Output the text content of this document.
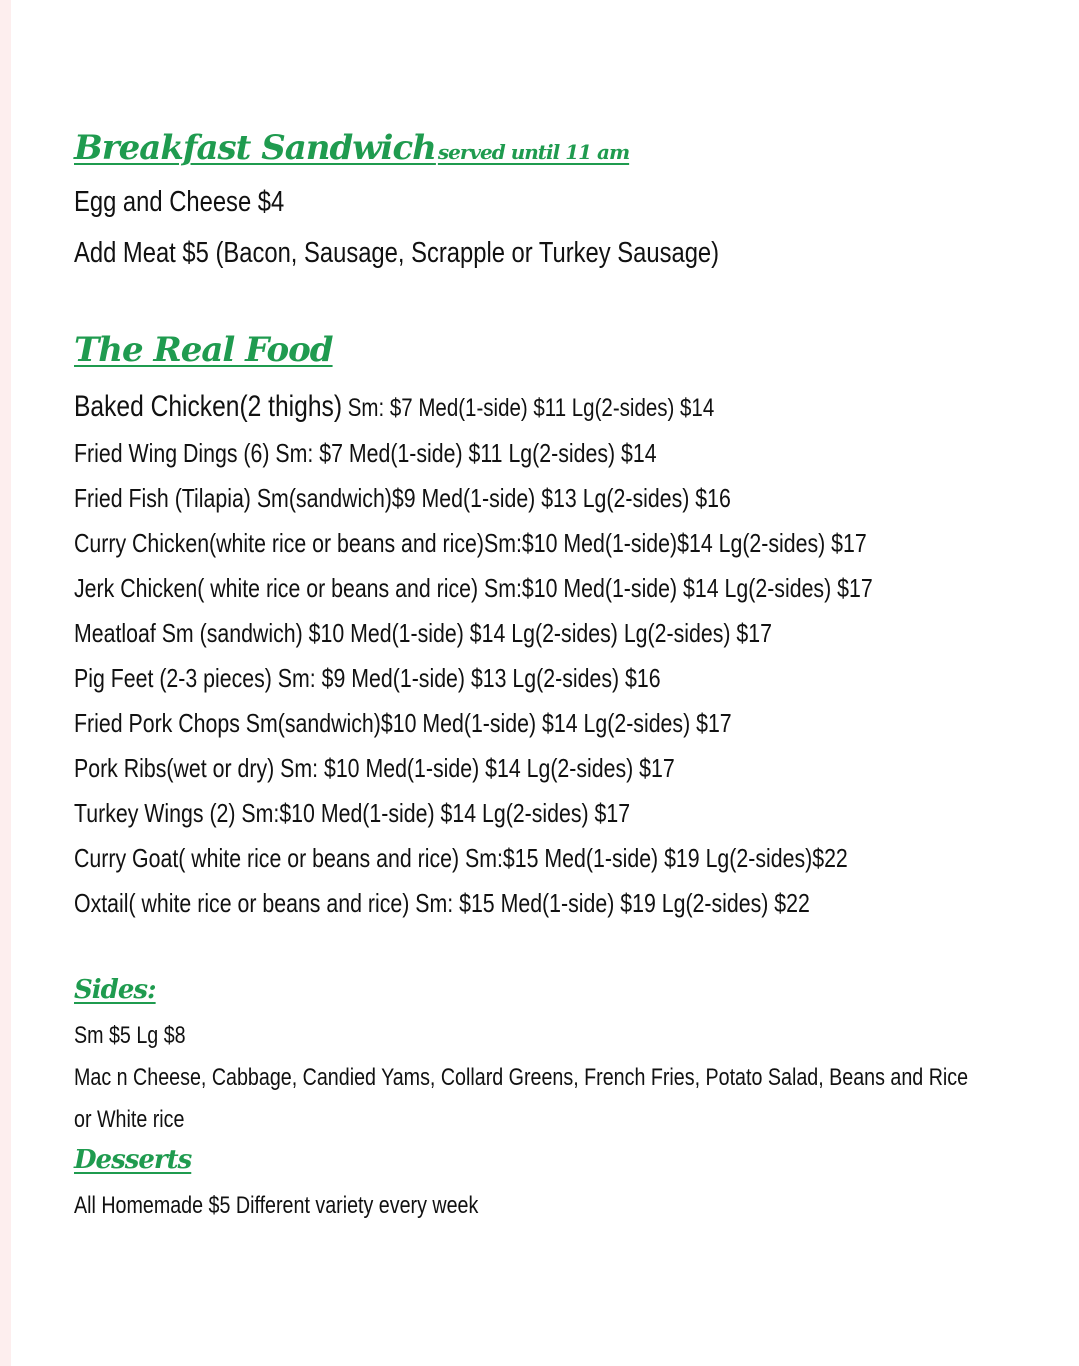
Breakfast Sandwich served until 11 am
Egg and Cheese $4
Add Meat $5 (Bacon, Sausage, Scrapple or Turkey Sausage)
The Real Food
Baked Chicken(2 thighs) Sm: $7 Med(1-side) $11 Lg(2-sides) $14
Fried Wing Dings (6) Sm: $7 Med(1-side) $11 Lg(2-sides) $14
Fried Fish (Tilapia) Sm(sandwich)$9 Med(1-side) $13 Lg(2-sides) $16
Curry Chicken(white rice or beans and rice)Sm:$10 Med(1-side)$14 Lg(2-sides) $17
Jerk Chicken( white rice or beans and rice) Sm:$10 Med(1-side) $14 Lg(2-sides) $17
Meatloaf Sm (sandwich) $10 Med(1-side) $14 Lg(2-sides) Lg(2-sides) $17
Pig Feet (2-3 pieces) Sm: $9 Med(1-side) $13 Lg(2-sides) $16
Fried Pork Chops Sm(sandwich)$10 Med(1-side) $14 Lg(2-sides) $17
Pork Ribs(wet or dry) Sm: $10 Med(1-side) $14 Lg(2-sides) $17
Turkey Wings (2) Sm:$10 Med(1-side) $14 Lg(2-sides) $17
Curry Goat( white rice or beans and rice) Sm:$15 Med(1-side) $19 Lg(2-sides)$22
Oxtail( white rice or beans and rice) Sm: $15 Med(1-side) $19 Lg(2-sides) $22
Sides:
Sm $5 Lg $8
Mac n Cheese, Cabbage, Candied Yams, Collard Greens, French Fries, Potato Salad, Beans and Rice
or White rice
Desserts
All Homemade $5 Different variety every week
